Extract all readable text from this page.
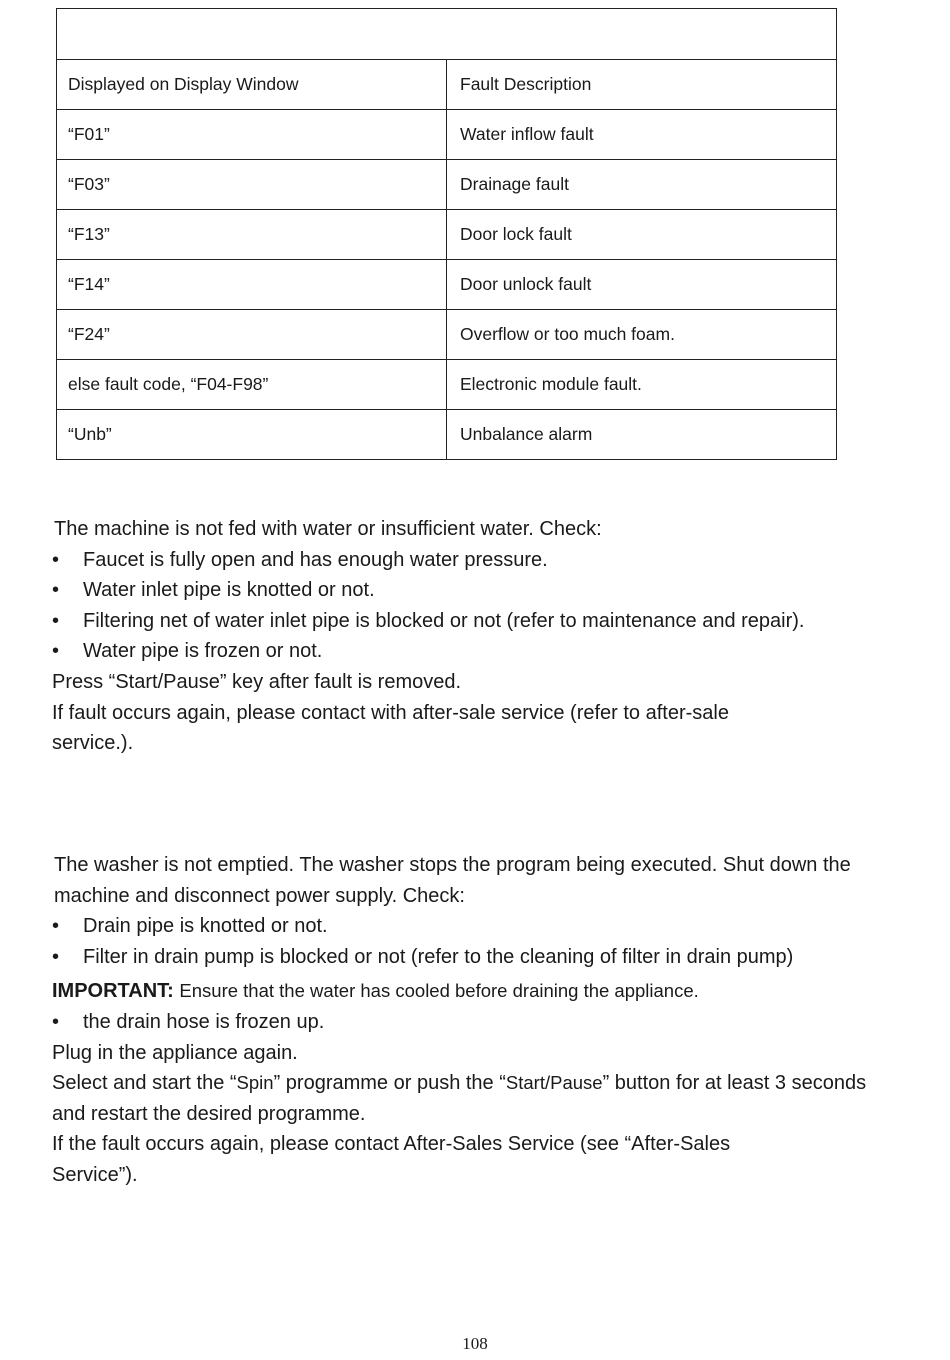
Displayed on Display Window	Fault Description
“F01”	Water inflow fault
“F03”	Drainage fault
“F13”	Door lock fault
“F14”	Door unlock fault
“F24”	Overflow or too much foam.
else fault code, “F04-F98”	Electronic module fault.
“Unb”	Unbalance alarm

The machine is not fed with water or insufficient water. Check:

• Faucet is fully open and has enough water pressure.

• Water inlet pipe is knotted or not.

• Filtering net of water inlet pipe is blocked or not (refer to maintenance and repair).

• Water pipe is frozen or not.

Press “Start/Pause” key after fault is removed.

If fault occurs again, please contact with after-sale service (refer to after-sale service.).

The washer is not emptied. The washer stops the program being executed. Shut down the machine and disconnect power supply. Check:

• Drain pipe is knotted or not.

• Filter in drain pump is blocked or not (refer to the cleaning of filter in drain pump)

IMPORTANT: Ensure that the water has cooled before draining the appliance.

• the drain hose is frozen up.

Plug in the appliance again.

Select and start the “Spin” programme or push the “Start/Pause” button for at least 3 seconds and restart the desired programme.

If the fault occurs again, please contact After-Sales Service (see “After-Sales Service”).

108
